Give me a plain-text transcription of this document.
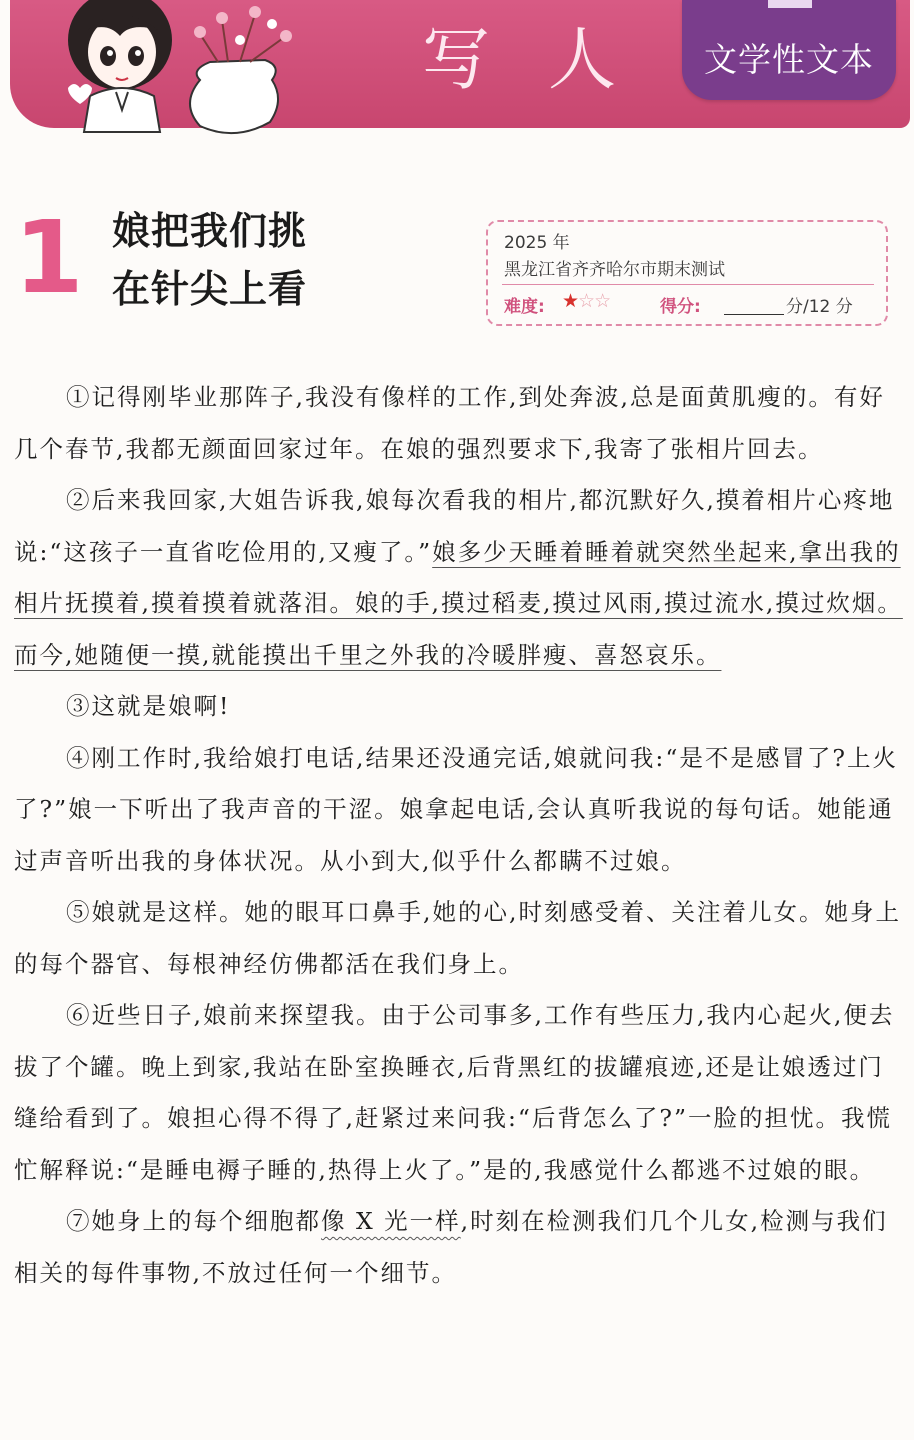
写人 文学性文本
1 娘把我们挑
在针尖上看
2025 年
黑龙江省齐齐哈尔市期末测试
难度: ★☆☆	得分:	分/12 分

①记得刚毕业那阵子,我没有像样的工作,到处奔波,总是面黄肌瘦的。有好几个春节,我都无颜面回家过年。在娘的强烈要求下,我寄了张相片回去。

②后来我回家,大姐告诉我,娘每次看我的相片,都沉默好久,摸着相片心疼地说:“这孩子一直省吃俭用的,又瘦了。”娘多少天睡着睡着就突然坐起来,拿出我的相片抚摸着,摸着摸着就落泪。娘的手,摸过稻麦,摸过风雨,摸过流水,摸过炊烟。而今,她随便一摸,就能摸出千里之外我的冷暖胖瘦、喜怒哀乐。

③这就是娘啊!

④刚工作时,我给娘打电话,结果还没通完话,娘就问我:“是不是感冒了?上火了?”娘一下听出了我声音的干涩。娘拿起电话,会认真听我说的每句话。她能通过声音听出我的身体状况。从小到大,似乎什么都瞒不过娘。

⑤娘就是这样。她的眼耳口鼻手,她的心,时刻感受着、关注着儿女。她身上的每个器官、每根神经仿佛都活在我们身上。

⑥近些日子,娘前来探望我。由于公司事多,工作有些压力,我内心起火,便去拔了个罐。晚上到家,我站在卧室换睡衣,后背黑红的拔罐痕迹,还是让娘透过门缝给看到了。娘担心得不得了,赶紧过来问我:“后背怎么了?”一脸的担忧。我慌忙解释说:“是睡电褥子睡的,热得上火了。”是的,我感觉什么都逃不过娘的眼。

⑦她身上的每个细胞都像 X 光一样,时刻在检测我们几个儿女,检测与我们相关的每件事物,不放过任何一个细节。
